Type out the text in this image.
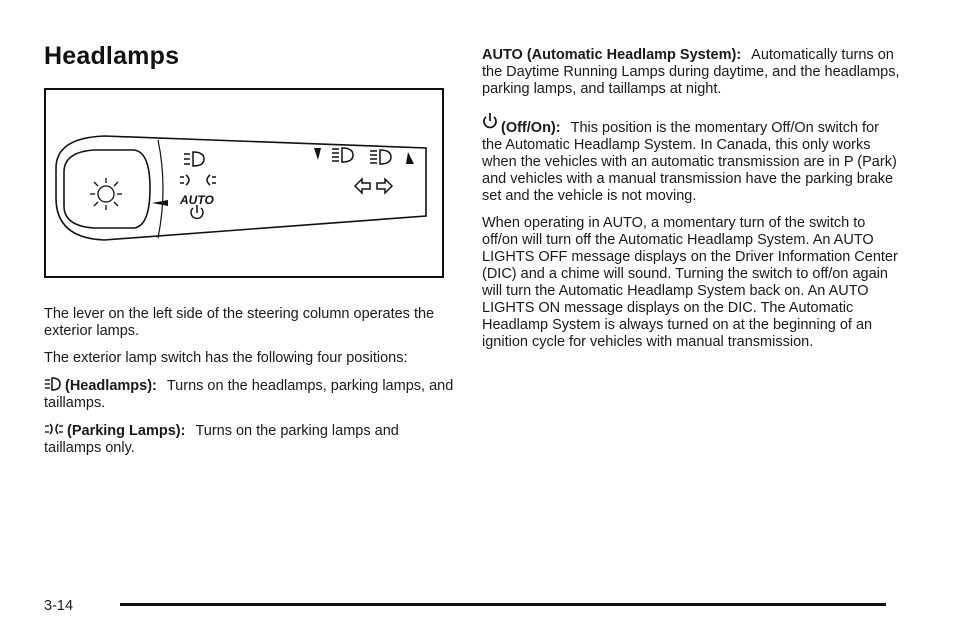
Headlamps
AUTO

The lever on the left side of the steering column operates the exterior lamps.

The exterior lamp switch has the following four positions:

(Headlamps): Turns on the headlamps, parking lamps, and taillamps.

(Parking Lamps): Turns on the parking lamps and taillamps only.

AUTO (Automatic Headlamp System): Automatically turns on the Daytime Running Lamps during daytime, and the headlamps, parking lamps, and taillamps at night.

(Off/On): This position is the momentary Off/On switch for the Automatic Headlamp System. In Canada, this only works when the vehicles with an automatic transmission are in P (Park) and vehicles with a manual transmission have the parking brake set and the vehicle is not moving.

When operating in AUTO, a momentary turn of the switch to off/on will turn off the Automatic Headlamp System. An AUTO LIGHTS OFF message displays on the Driver Information Center (DIC) and a chime will sound. Turning the switch to off/on again will turn the Automatic Headlamp System back on. An AUTO LIGHTS ON message displays on the DIC. The Automatic Headlamp System is always turned on at the beginning of an ignition cycle for vehicles with manual transmission.

3-14
